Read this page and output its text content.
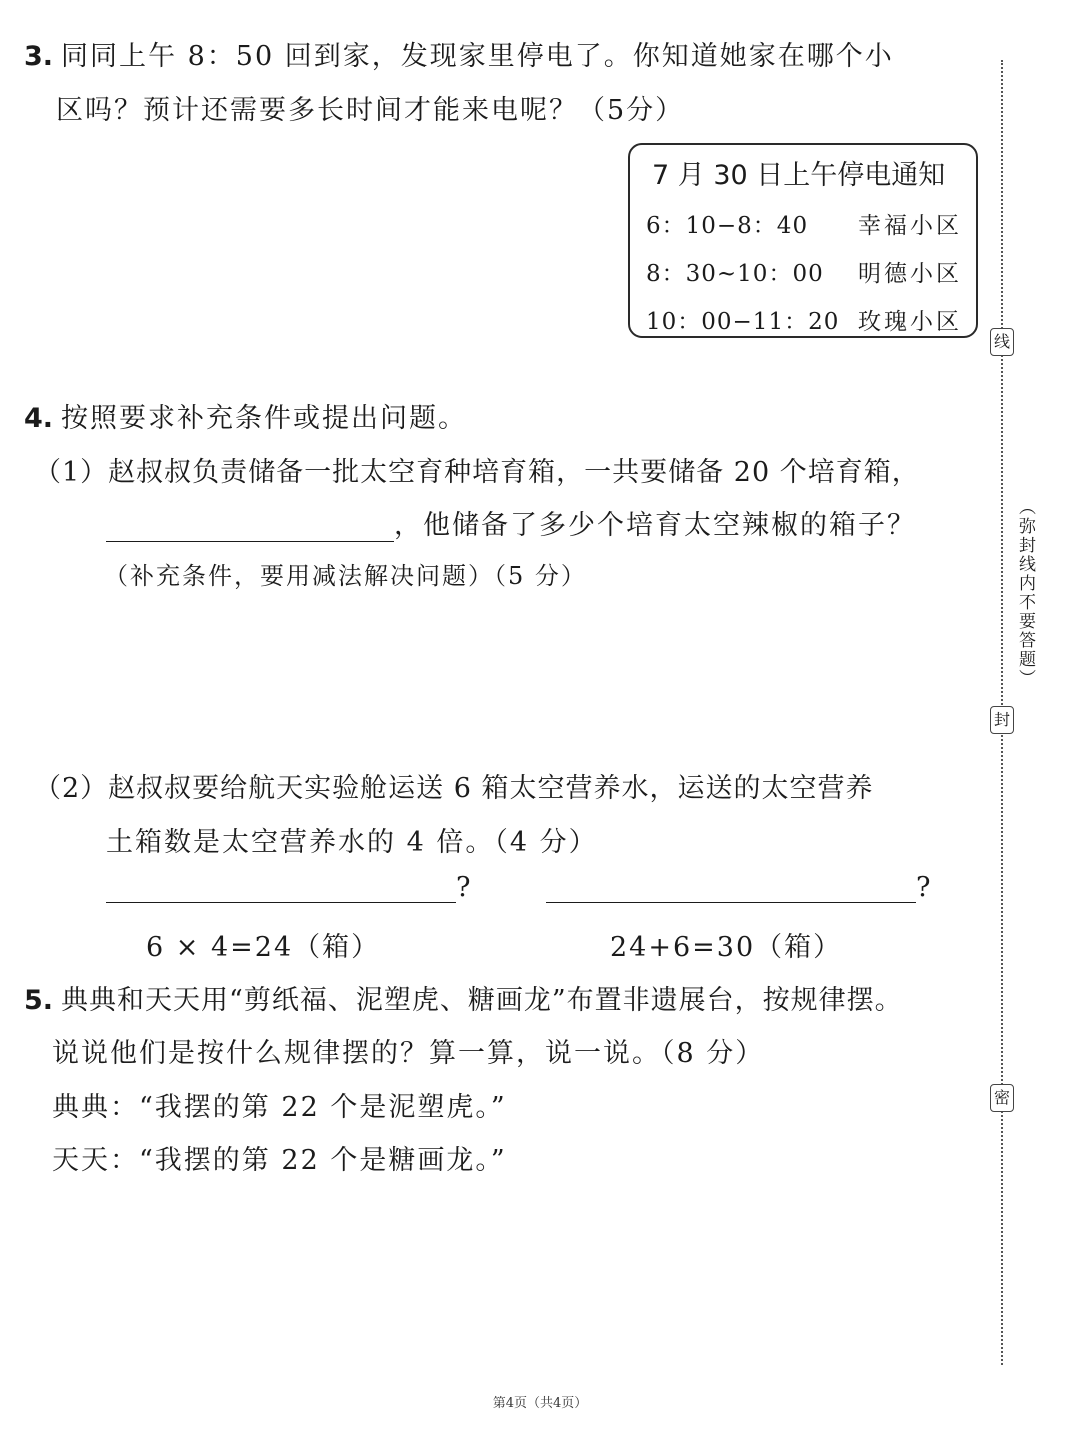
3. 同同上午 8：50 回到家，发现家里停电了。你知道她家在哪个小
区吗？预计还需要多长时间才能来电呢？（5分）
7 月 30 日上午停电通知
6：10−8：40 幸福小区
8：30~10：00 明德小区
10：00−11：20 玫瑰小区
4. 按照要求补充条件或提出问题。
（1）赵叔叔负责储备一批太空育种培育箱，一共要储备 20 个培育箱，
，他储备了多少个培育太空辣椒的箱子？
（补充条件，要用减法解决问题）（5 分）
（2）赵叔叔要给航天实验舱运送 6 箱太空营养水，运送的太空营养
土箱数是太空营养水的 4 倍。（4 分）
?	?
6 × 4=24（箱）	24+6=30（箱）
5. 典典和天天用“剪纸福、泥塑虎、糖画龙”布置非遗展台，按规律摆。
说说他们是按什么规律摆的？算一算，说一说。（8 分）
典典：“我摆的第 22 个是泥塑虎。”
天天：“我摆的第 22 个是糖画龙。”
线
封
密
（弥封线内不要答题）
第4页（共4页）
